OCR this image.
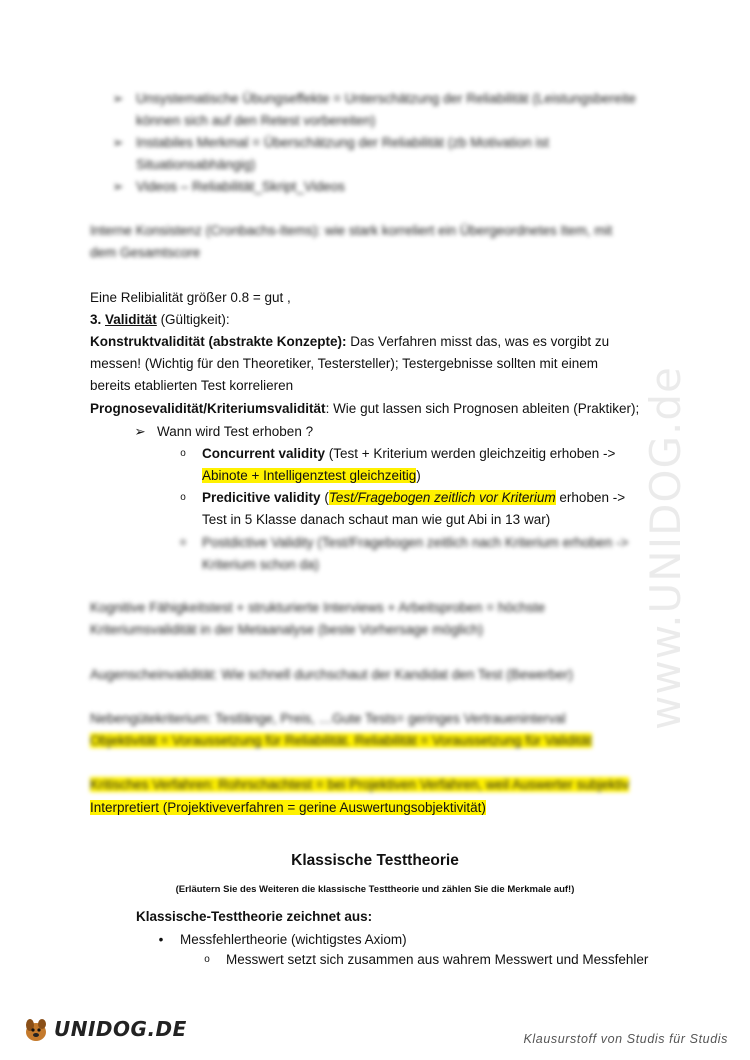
www.UNIDOG.de
➢ Unsystematische Übungseffekte = Unterschätzung der Reliabilität (Leistungsbereite
können sich auf den Retest vorbereiten)
➢ Instabiles Merkmal = Überschätzung der Reliabilität (zb Motivation ist
Situationsabhängig)
➢ Videos – Reliabilität_Skript_Videos
Interne Konsistenz (Cronbachs-Items): wie stark korreliert ein Übergeordnetes Item, mit
dem Gesamtscore
Eine Relibialität größer 0.8 = gut ,
3. Validität (Gültigkeit):
Konstruktvalidität (abstrakte Konzepte): Das Verfahren misst das, was es vorgibt zu
messen! (Wichtig für den Theoretiker, Testersteller); Testergebnisse sollten mit einem
bereits etablierten Test korrelieren
Prognosevalidität/Kriteriumsvalidität: Wie gut lassen sich Prognosen ableiten (Praktiker);
➢ Wann wird Test erhoben ?
o Concurrent validity (Test + Kriterium werden gleichzeitig erhoben ->
Abinote + Intelligenztest gleichzeitig)
o Predicitive validity (Test/Fragebogen zeitlich vor Kriterium erhoben ->
Test in 5 Klasse danach schaut man wie gut Abi in 13 war)
o Postdictive Validity (Test/Fragebogen zeitlich nach Kriterium erhoben ->
Kriterium schon da)
Kognitive Fähigkeitstest + strukturierte Interviews + Arbeitsproben = höchste
Kriteriumsvalidität in der Metaanalyse (beste Vorhersage möglich)
Augenscheinvalidität: Wie schnell durchschaut der Kandidat den Test (Bewerber)
Nebengütekriterium: Testlänge, Preis, …Gute Tests= geringes Vertraueninterval
Objektivität = Voraussetzung für Reliabilität. Reliabilität = Voraussetzung für Validität
Kritisches Verfahren: Rohrschachtest = bei Projektiven Verfahren, weil Auswerter subjektiv
Interpretiert (Projektiveverfahren = gerine Auswertungsobjektivität)
Klassische Testtheorie
(Erläutern Sie des Weiteren die klassische Testtheorie und zählen Sie die Merkmale auf!)
Klassische-Testtheorie zeichnet aus:
• Messfehlertheorie (wichtigstes Axiom)
o Messwert setzt sich zusammen aus wahrem Messwert und Messfehler
UNIDOG.DE	Klausurstoff von Studis für Studis
